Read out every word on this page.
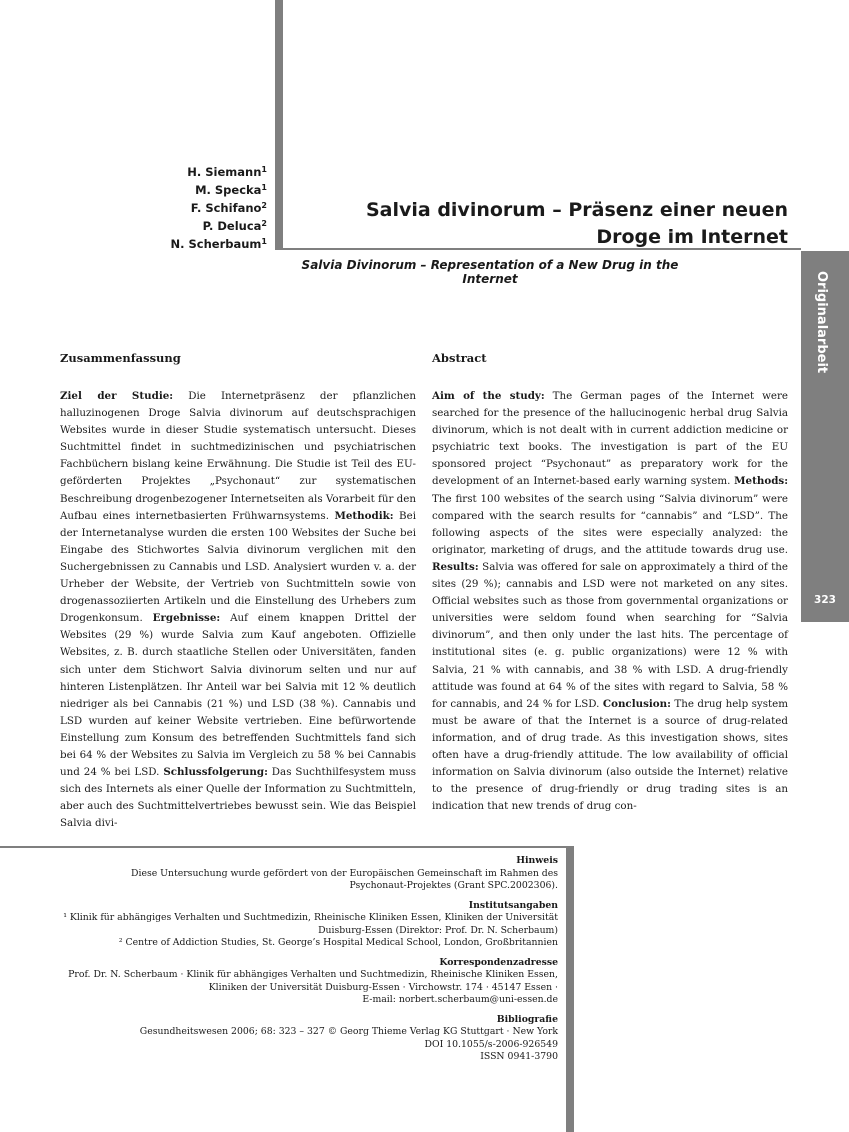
H. Siemann$^1$
M. Specka$^1$
F. Schifano$^2$
P. Deluca$^2$
N. Scherbaum$^1$
Salvia divinorum – Präsenz einer neuen
Droge im Internet
Salvia Divinorum – Representation of a New Drug in the Internet	Originalarbeit
323
Zusammenfassung

Ziel der Studie: Die Internetpräsenz der pflanzlichen halluzinogenen Droge Salvia divinorum auf deutschsprachigen Websites wurde in dieser Studie systematisch untersucht. Dieses Suchtmittel findet in suchtmedizinischen und psychiatrischen Fachbüchern bislang keine Erwähnung. Die Studie ist Teil des EU-geförderten Projektes „Psychonaut“ zur systematischen Beschreibung drogenbezogener Internetseiten als Vorarbeit für den Aufbau eines internetbasierten Frühwarnsystems. Methodik: Bei der Internetanalyse wurden die ersten 100 Websites der Suche bei Eingabe des Stichwortes Salvia divinorum verglichen mit den Suchergebnissen zu Cannabis und LSD. Analysiert wurden v. a. der Urheber der Website, der Vertrieb von Suchtmitteln sowie von drogenassoziierten Artikeln und die Einstellung des Urhebers zum Drogenkonsum. Ergebnisse: Auf einem knappen Drittel der Websites (29 %) wurde Salvia zum Kauf angeboten. Offizielle Websites, z. B. durch staatliche Stellen oder Universitäten, fanden sich unter dem Stichwort Salvia divinorum selten und nur auf hinteren Listenplätzen. Ihr Anteil war bei Salvia mit 12 % deutlich niedriger als bei Cannabis (21 %) und LSD (38 %). Cannabis und LSD wurden auf keiner Website vertrieben. Eine befürwortende Einstellung zum Konsum des betreffenden Suchtmittels fand sich bei 64 % der Websites zu Salvia im Vergleich zu 58 % bei Cannabis und 24 % bei LSD. Schlussfolgerung: Das Suchthilfesystem muss sich des Internets als einer Quelle der Information zu Suchtmitteln, aber auch des Suchtmittelvertriebes bewusst sein. Wie das Beispiel Salvia divi-

Abstract

Aim of the study: The German pages of the Internet were searched for the presence of the hallucinogenic herbal drug Salvia divinorum, which is not dealt with in current addiction medicine or psychiatric text books. The investigation is part of the EU sponsored project “Psychonaut” as preparatory work for the development of an Internet-based early warning system. Methods: The first 100 websites of the search using “Salvia divinorum” were compared with the search results for “cannabis” and “LSD”. The following aspects of the sites were especially analyzed: the originator, marketing of drugs, and the attitude towards drug use. Results: Salvia was offered for sale on approximately a third of the sites (29 %); cannabis and LSD were not marketed on any sites. Official websites such as those from governmental organizations or universities were seldom found when searching for “Salvia divinorum”, and then only under the last hits. The percentage of institutional sites (e. g. public organizations) were 12 % with Salvia, 21 % with cannabis, and 38 % with LSD. A drug-friendly attitude was found at 64 % of the sites with regard to Salvia, 58 % for cannabis, and 24 % for LSD. Conclusion: The drug help system must be aware of that the Internet is a source of drug-related information, and of drug trade. As this investigation shows, sites often have a drug-friendly attitude. The low availability of official information on Salvia divinorum (also outside the Internet) relative to the presence of drug-friendly or drug trading sites is an indication that new trends of drug con-

Hinweis
Diese Untersuchung wurde gefördert von der Europäischen Gemeinschaft im Rahmen des
Psychonaut-Projektes (Grant SPC.2002306).
Institutsangaben
¹ Klinik für abhängiges Verhalten und Suchtmedizin, Rheinische Kliniken Essen, Kliniken der Universität
Duisburg-Essen (Direktor: Prof. Dr. N. Scherbaum)
² Centre of Addiction Studies, St. George’s Hospital Medical School, London, Großbritannien
Korrespondenzadresse
Prof. Dr. N. Scherbaum · Klinik für abhängiges Verhalten und Suchtmedizin, Rheinische Kliniken Essen,
Kliniken der Universität Duisburg-Essen · Virchowstr. 174 · 45147 Essen ·
E-mail: norbert.scherbaum@uni-essen.de
Bibliografie
Gesundheitswesen 2006; 68: 323 – 327 © Georg Thieme Verlag KG Stuttgart · New York
DOI 10.1055/s-2006-926549
ISSN 0941-3790
